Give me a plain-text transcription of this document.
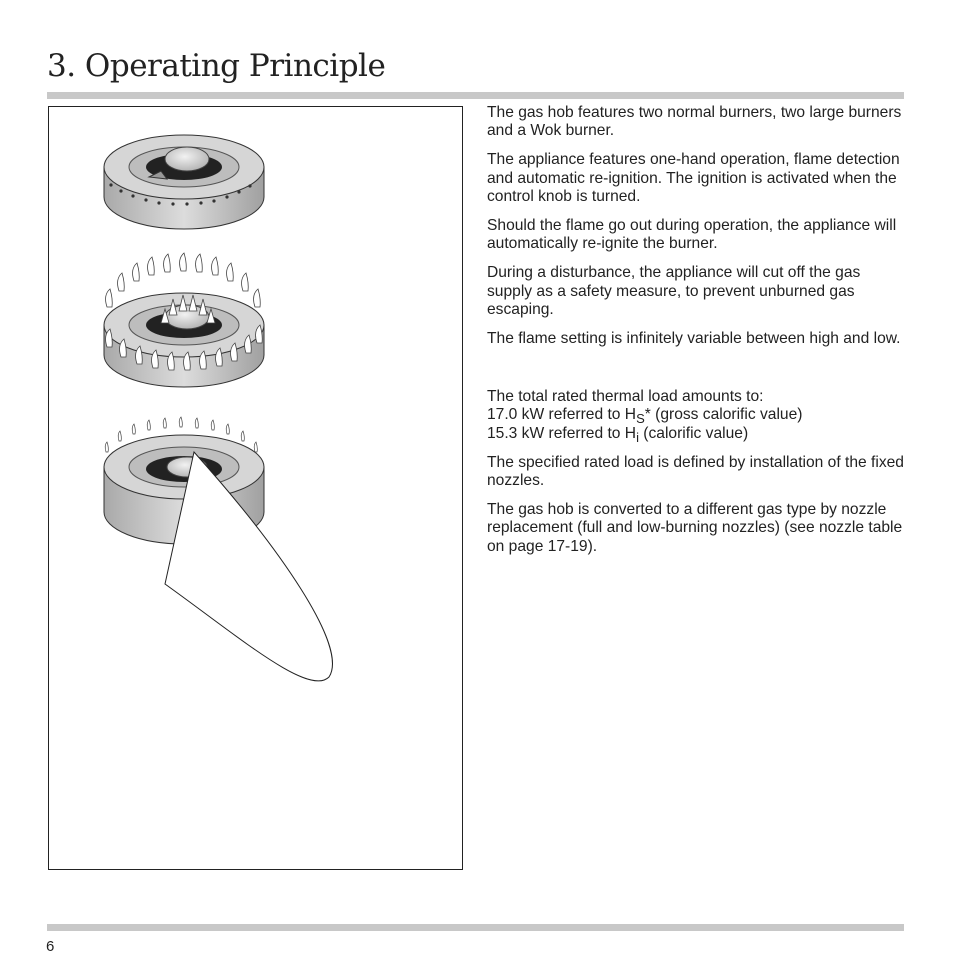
3. Operating Principle

The gas hob features two normal burners, two large burners and a Wok burner.

The appliance features one-hand operation, flame detection and automatic re-ignition. The ignition is activated when the control knob is turned.

Should the flame go out during operation, the appliance will automatically re-ignite the burner.

During a disturbance, the appliance will cut off the gas supply as a safety measure, to prevent unburned gas escaping.

The flame setting is infinitely variable between high and low.

The total rated thermal load amounts to:
17.0 kW referred to $H_S*$ (gross calorific value)
15.3 kW referred to $H_i$ (calorific value)

The specified rated load is defined by installation of the fixed nozzles.

The gas hob is converted to a different gas type by nozzle replacement (full and low-burning nozzles) (see nozzle table on page 17-19).

6
